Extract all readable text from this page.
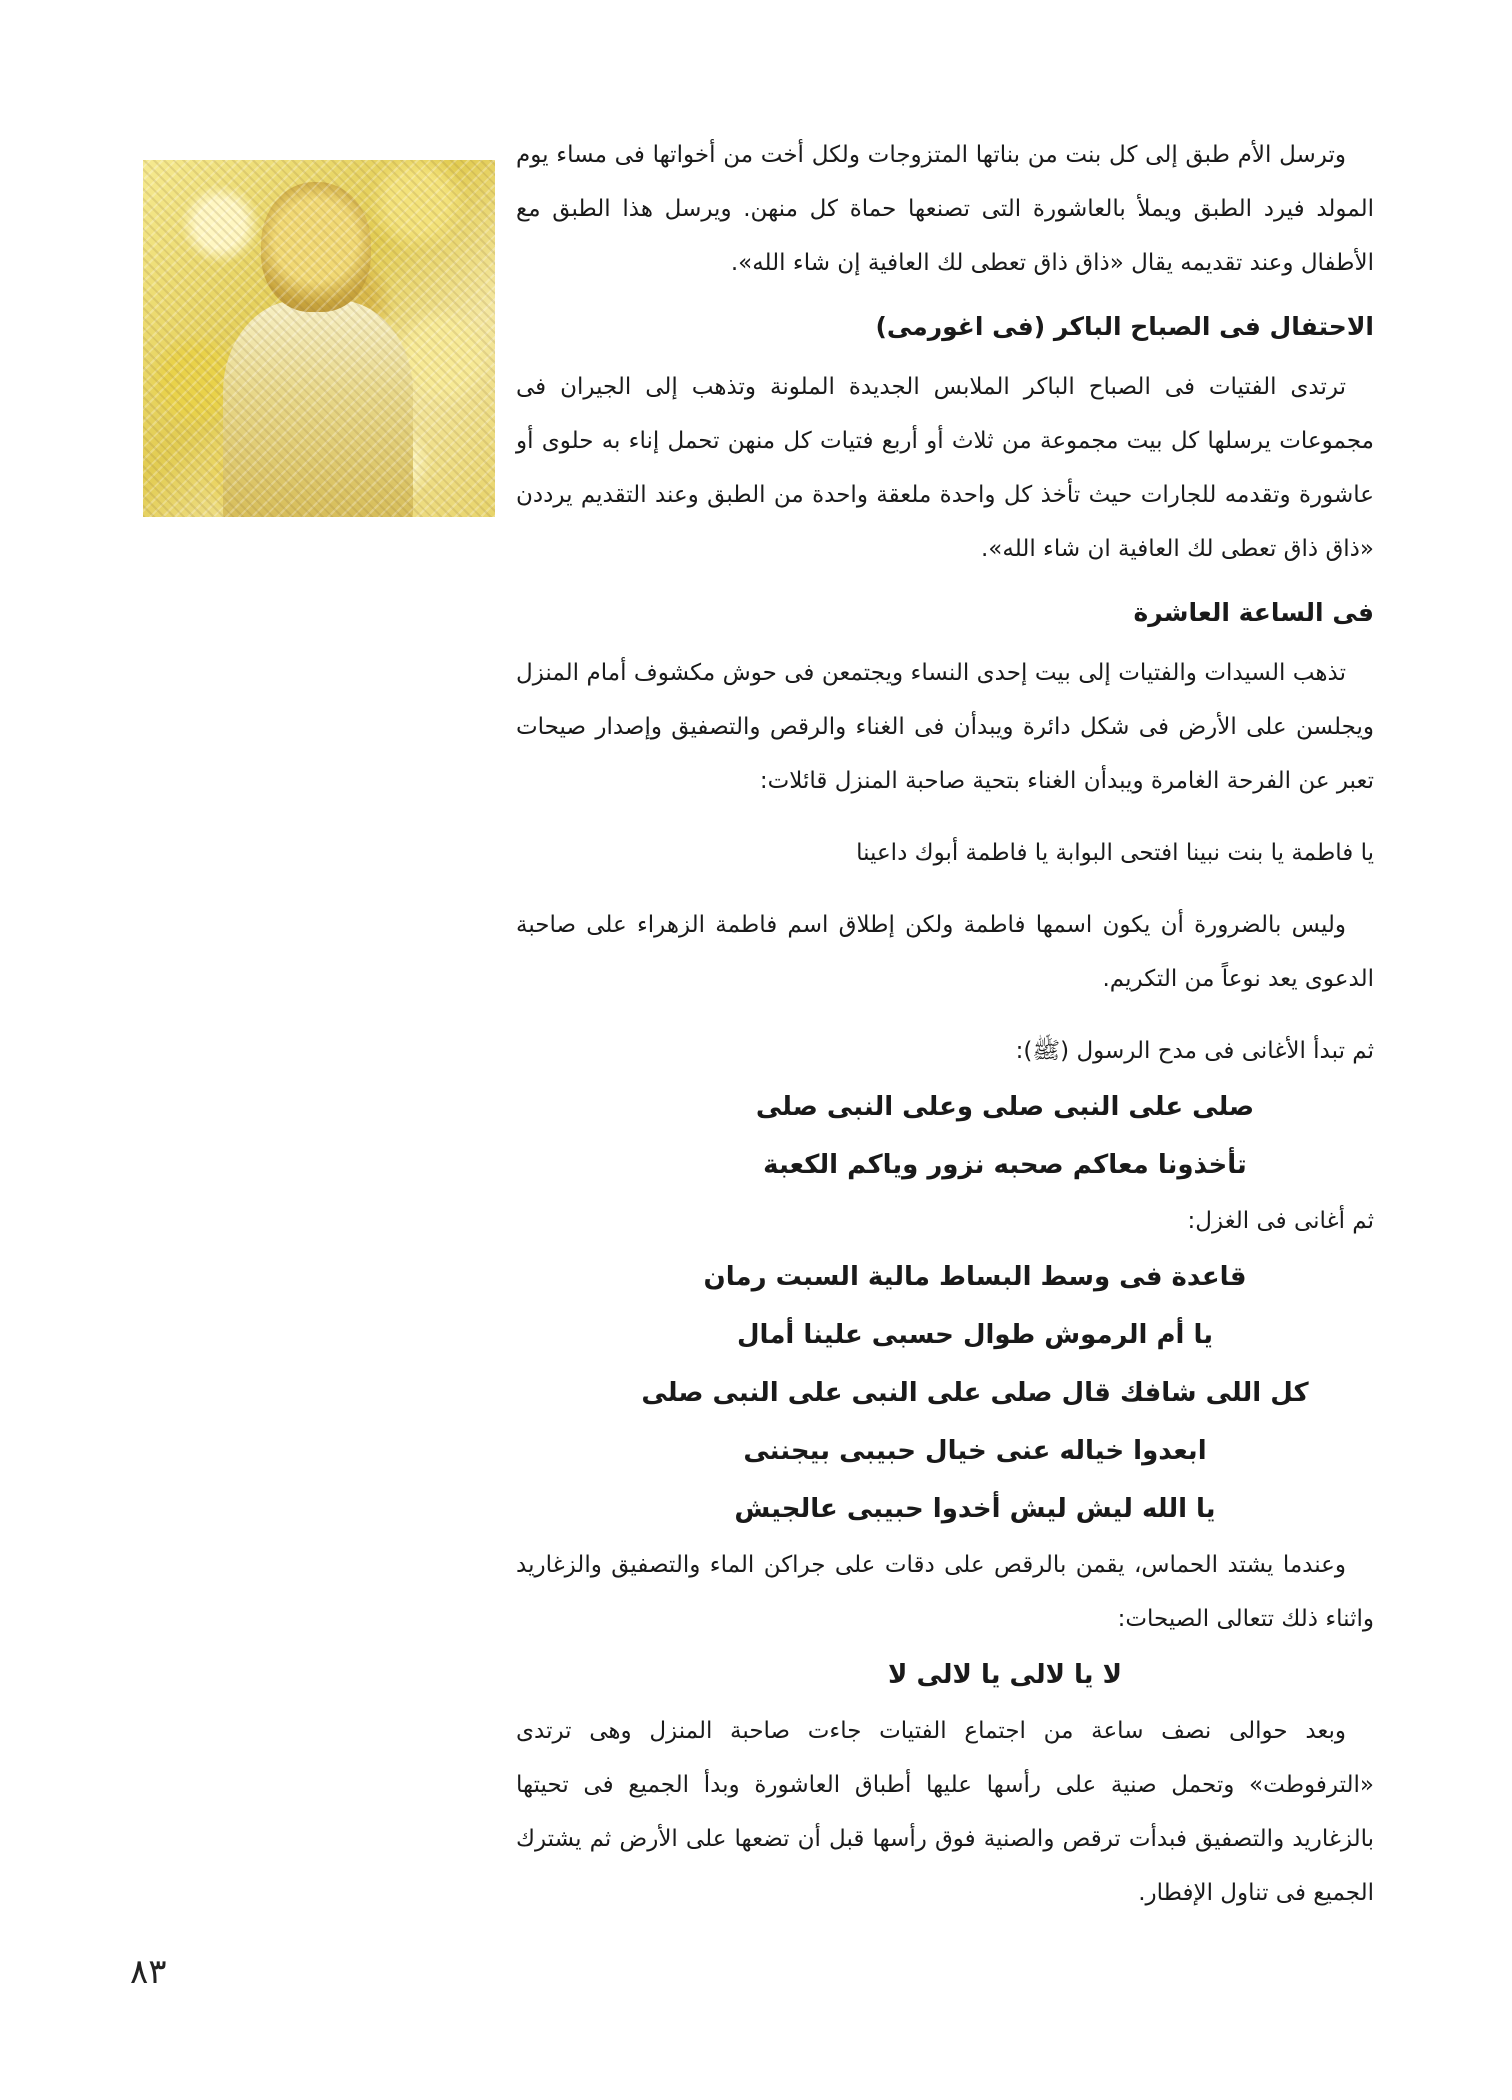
وترسل الأم طبق إلى كل بنت من بناتها المتزوجات ولكل أخت من أخواتها فى مساء يوم المولد فيرد الطبق ويملأ بالعاشورة التى تصنعها حماة كل منهن. ويرسل هذا الطبق مع الأطفال وعند تقديمه يقال «ذاق ذاق تعطى لك العافية إن شاء الله».

الاحتفال فى الصباح الباكر (فى اغورمى)

ترتدى الفتيات فى الصباح الباكر الملابس الجديدة الملونة وتذهب إلى الجيران فى مجموعات يرسلها كل بيت مجموعة من ثلاث أو أربع فتيات كل منهن تحمل إناء به حلوى أو عاشورة وتقدمه للجارات حيث تأخذ كل واحدة ملعقة واحدة من الطبق وعند التقديم يرددن «ذاق ذاق تعطى لك العافية ان شاء الله».

فى الساعة العاشرة

تذهب السيدات والفتيات إلى بيت إحدى النساء ويجتمعن فى حوش مكشوف أمام المنزل ويجلسن على الأرض فى شكل دائرة ويبدأن فى الغناء والرقص والتصفيق وإصدار صيحات تعبر عن الفرحة الغامرة ويبدأن الغناء بتحية صاحبة المنزل قائلات:

يا فاطمة يا بنت نبينا افتحى البوابة يا فاطمة أبوك داعينا

وليس بالضرورة أن يكون اسمها فاطمة ولكن إطلاق اسم فاطمة الزهراء على صاحبة الدعوى يعد نوعاً من التكريم.

ثم تبدأ الأغانى فى مدح الرسول (ﷺ):

صلى على النبى صلى وعلى النبى صلى
تأخذونا معاكم صحبه نزور وياكم الكعبة

ثم أغانى فى الغزل:

قاعدة فى وسط البساط مالية السبت رمان
يا أم الرموش طوال حسبى علينا أمال
كل اللى شافك قال صلى على النبى على النبى صلى
ابعدوا خياله عنى خيال حبيبى بيجننى
يا الله ليش ليش أخدوا حبيبى عالجيش

وعندما يشتد الحماس، يقمن بالرقص على دقات على جراكن الماء والتصفيق والزغاريد واثناء ذلك تتعالى الصيحات:

لا يا لالى يا لالى لا

وبعد حوالى نصف ساعة من اجتماع الفتيات جاءت صاحبة المنزل وهى ترتدى «الترفوطت» وتحمل صنية على رأسها عليها أطباق العاشورة وبدأ الجميع فى تحيتها بالزغاريد والتصفيق فبدأت ترقص والصنية فوق رأسها قبل أن تضعها على الأرض ثم يشترك الجميع فى تناول الإفطار.

٨٣
